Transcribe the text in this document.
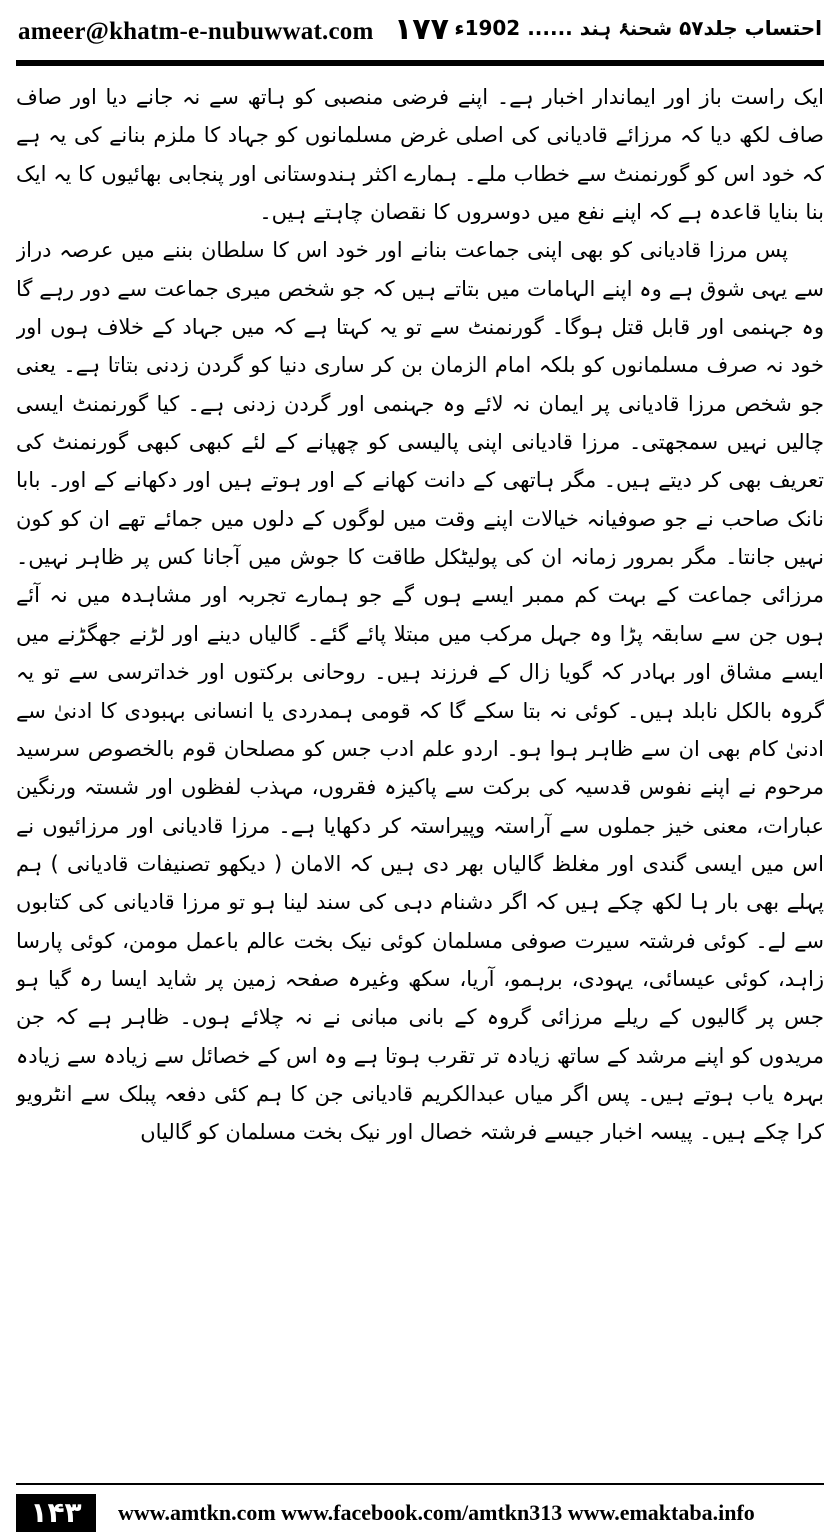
ameer@khatm-e-nubuwwat.com ۱۷۷ احتساب جلد۵۷ شحنۂ ہند ...... 1902ء

ایک راست باز اور ایماندار اخبار ہے۔ اپنے فرضی منصبی کو ہاتھ سے نہ جانے دیا اور صاف صاف لکھ دیا کہ مرزائے قادیانی کی اصلی غرض مسلمانوں کو جہاد کا ملزم بنانے کی یہ ہے کہ خود اس کو گورنمنٹ سے خطاب ملے۔ ہمارے اکثر ہندوستانی اور پنجابی بھائیوں کا یہ ایک بنا بنایا قاعدہ ہے کہ اپنے نفع میں دوسروں کا نقصان چاہتے ہیں۔

پس مرزا قادیانی کو بھی اپنی جماعت بنانے اور خود اس کا سلطان بننے میں عرصہ دراز سے یہی شوق ہے وہ اپنے الہامات میں بتاتے ہیں کہ جو شخص میری جماعت سے دور رہے گا وہ جہنمی اور قابل قتل ہوگا۔ گورنمنٹ سے تو یہ کہتا ہے کہ میں جہاد کے خلاف ہوں اور خود نہ صرف مسلمانوں کو بلکہ امام الزمان بن کر ساری دنیا کو گردن زدنی بتاتا ہے۔ یعنی جو شخص مرزا قادیانی پر ایمان نہ لائے وہ جہنمی اور گردن زدنی ہے۔ کیا گورنمنٹ ایسی چالیں نہیں سمجھتی۔ مرزا قادیانی اپنی پالیسی کو چھپانے کے لئے کبھی کبھی گورنمنٹ کی تعریف بھی کر دیتے ہیں۔ مگر ہاتھی کے دانت کھانے کے اور ہوتے ہیں اور دکھانے کے اور۔ بابا نانک صاحب نے جو صوفیانہ خیالات اپنے وقت میں لوگوں کے دلوں میں جمائے تھے ان کو کون نہیں جانتا۔ مگر بمرور زمانہ ان کی پولیٹکل طاقت کا جوش میں آجانا کس پر ظاہر نہیں۔ مرزائی جماعت کے بہت کم ممبر ایسے ہوں گے جو ہمارے تجربہ اور مشاہدہ میں نہ آئے ہوں جن سے سابقہ پڑا وہ جہل مرکب میں مبتلا پائے گئے۔ گالیاں دینے اور لڑنے جھگڑنے میں ایسے مشاق اور بہادر کہ گویا زال کے فرزند ہیں۔ روحانی برکتوں اور خداترسی سے تو یہ گروہ بالکل نابلد ہیں۔ کوئی نہ بتا سکے گا کہ قومی ہمدردی یا انسانی بہبودی کا ادنیٰ سے ادنیٰ کام بھی ان سے ظاہر ہوا ہو۔ اردو علم ادب جس کو مصلحان قوم بالخصوص سرسید مرحوم نے اپنے نفوس قدسیہ کی برکت سے پاکیزہ فقروں، مہذب لفظوں اور شستہ ورنگین عبارات، معنی خیز جملوں سے آراستہ وپیراستہ کر دکھایا ہے۔ مرزا قادیانی اور مرزائیوں نے اس میں ایسی گندی اور مغلظ گالیاں بھر دی ہیں کہ الامان ( دیکھو تصنیفات قادیانی ) ہم پہلے بھی بار ہا لکھ چکے ہیں کہ اگر دشنام دہی کی سند لینا ہو تو مرزا قادیانی کی کتابوں سے لے۔ کوئی فرشتہ سیرت صوفی مسلمان کوئی نیک بخت عالم باعمل مومن، کوئی پارسا زاہد، کوئی عیسائی، یہودی، برہمو، آریا، سکھ وغیرہ صفحہ زمین پر شاید ایسا رہ گیا ہو جس پر گالیوں کے ریلے مرزائی گروہ کے بانی مبانی نے نہ چلائے ہوں۔ ظاہر ہے کہ جن مریدوں کو اپنے مرشد کے ساتھ زیادہ تر تقرب ہوتا ہے وہ اس کے خصائل سے زیادہ سے زیادہ بہرہ یاب ہوتے ہیں۔ پس اگر میاں عبدالکریم قادیانی جن کا ہم کئی دفعہ پبلک سے انٹرویو کرا چکے ہیں۔ پیسہ اخبار جیسے فرشتہ خصال اور نیک بخت مسلمان کو گالیاں

۱۴۳	www.amtkn.com www.facebook.com/amtkn313 www.emaktaba.info
